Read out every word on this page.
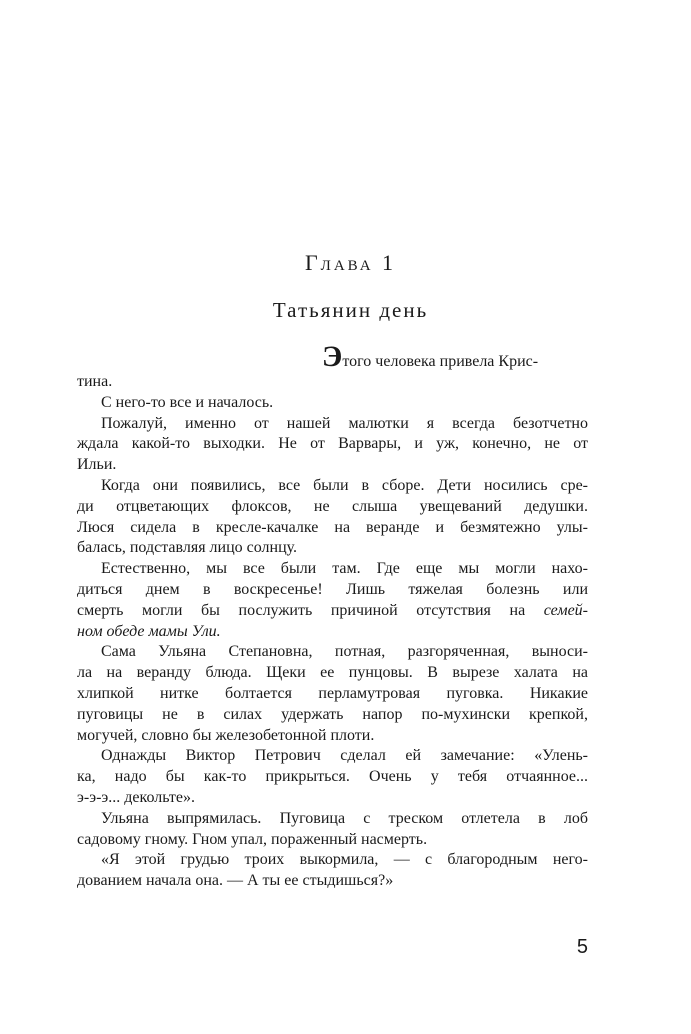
Глава 1
Татьянин день
Этого человека привела Крис-
тина.
С него-то все и началось.
Пожалуй, именно от нашей малютки я всегда безотчетно
ждала какой-то выходки. Не от Варвары, и уж, конечно, не от
Ильи.
Когда они появились, все были в сборе. Дети носились сре-
ди отцветающих флоксов, не слыша увещеваний дедушки.
Люся сидела в кресле-качалке на веранде и безмятежно улы-
балась, подставляя лицо солнцу.
Естественно, мы все были там. Где еще мы могли нахо-
диться днем в воскресенье! Лишь тяжелая болезнь или
смерть могли бы послужить причиной отсутствия на семей-
ном обеде мамы Ули.
Сама Ульяна Степановна, потная, разгоряченная, выноси-
ла на веранду блюда. Щеки ее пунцовы. В вырезе халата на
хлипкой нитке болтается перламутровая пуговка. Никакие
пуговицы не в силах удержать напор по-мухински крепкой,
могучей, словно бы железобетонной плоти.
Однажды Виктор Петрович сделал ей замечание: «Улень-
ка, надо бы как-то прикрыться. Очень у тебя отчаянное...
э-э-э... декольте».
Ульяна выпрямилась. Пуговица с треском отлетела в лоб
садовому гному. Гном упал, пораженный насмерть.
«Я этой грудью троих выкормила, — с благородным него-
дованием начала она. — А ты ее стыдишься?»
5
